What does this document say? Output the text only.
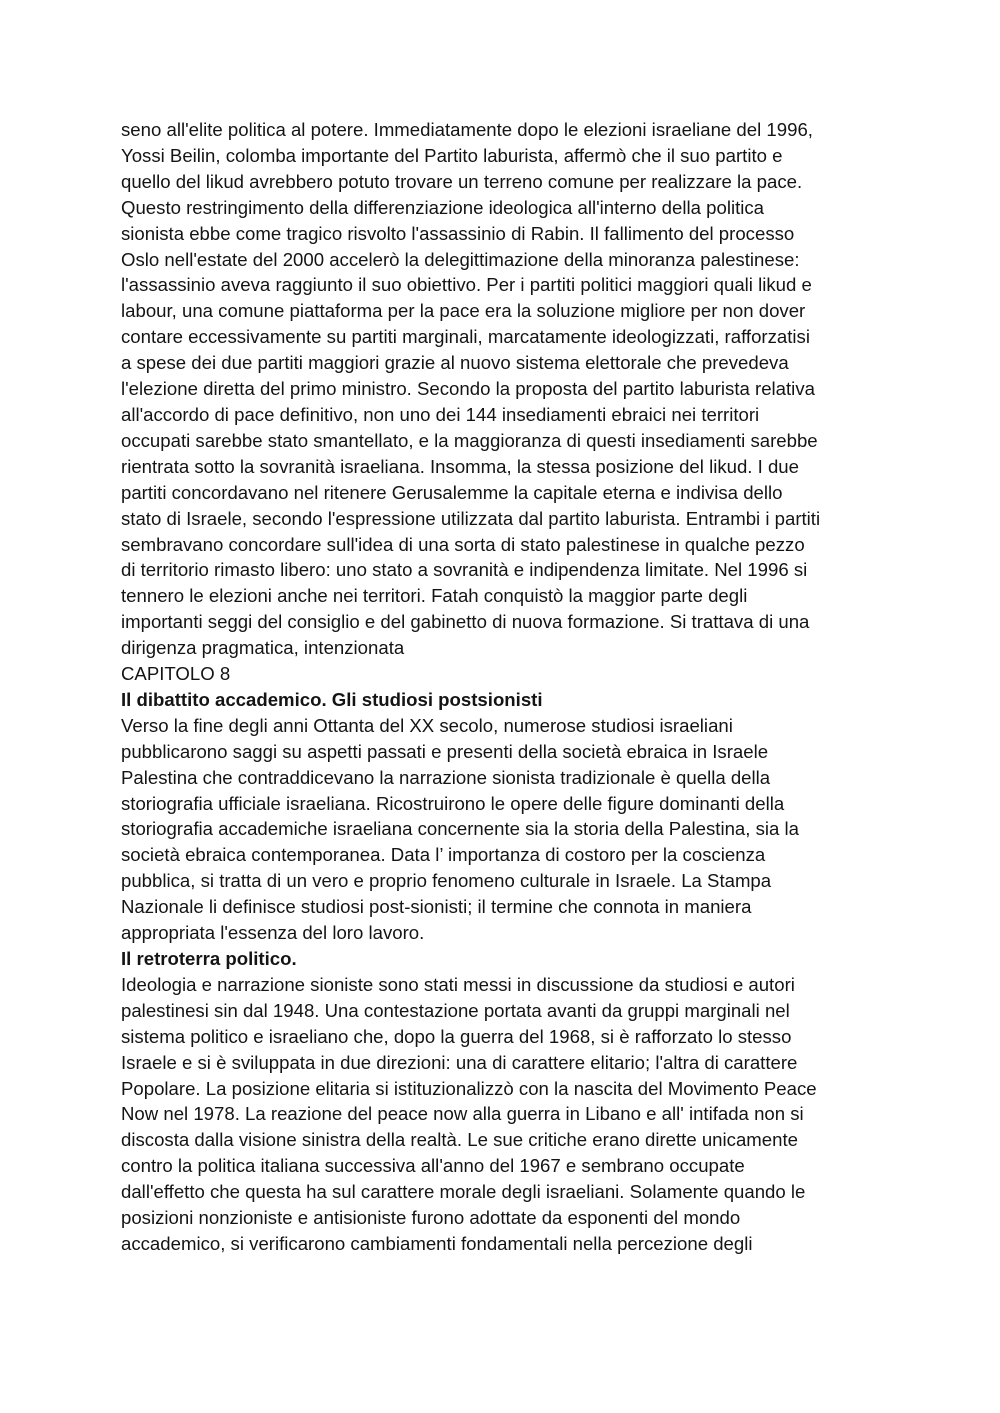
seno all'elite politica al potere. Immediatamente dopo le elezioni israeliane del 1996,
Yossi Beilin, colomba importante del Partito laburista, affermò che il suo partito e
quello del likud avrebbero potuto trovare un terreno comune per realizzare la pace.
Questo restringimento della differenziazione ideologica all'interno della politica
sionista ebbe come tragico risvolto l'assassinio di Rabin. Il fallimento del processo
Oslo nell'estate del 2000 accelerò la delegittimazione della minoranza palestinese:
l'assassinio aveva raggiunto il suo obiettivo. Per i partiti politici maggiori quali likud e
labour, una comune piattaforma per la pace era la soluzione migliore per non dover
contare eccessivamente su partiti marginali, marcatamente ideologizzati, rafforzatisi
a spese dei due partiti maggiori grazie al nuovo sistema elettorale che prevedeva
l'elezione diretta del primo ministro. Secondo la proposta del partito laburista relativa
all'accordo di pace definitivo, non uno dei 144 insediamenti ebraici nei territori
occupati sarebbe stato smantellato, e la maggioranza di questi insediamenti sarebbe
rientrata sotto la sovranità israeliana. Insomma, la stessa posizione del likud. I due
partiti concordavano nel ritenere Gerusalemme la capitale eterna e indivisa dello
stato di Israele, secondo l'espressione utilizzata dal partito laburista. Entrambi i partiti
sembravano concordare sull'idea di una sorta di stato palestinese in qualche pezzo
di territorio rimasto libero: uno stato a sovranità e indipendenza limitate. Nel 1996 si
tennero le elezioni anche nei territori. Fatah conquistò la maggior parte degli
importanti seggi del consiglio e del gabinetto di nuova formazione. Si trattava di una
dirigenza pragmatica, intenzionata
CAPITOLO 8
Il dibattito accademico. Gli studiosi postsionisti
Verso la fine degli anni Ottanta del XX secolo, numerose studiosi israeliani
pubblicarono saggi su aspetti passati e presenti della società ebraica in Israele
Palestina che contraddicevano la narrazione sionista tradizionale è quella della
storiografia ufficiale israeliana. Ricostruirono le opere delle figure dominanti della
storiografia accademiche israeliana concernente sia la storia della Palestina, sia la
società ebraica contemporanea. Data l’ importanza di costoro per la coscienza
pubblica, si tratta di un vero e proprio fenomeno culturale in Israele. La Stampa
Nazionale li definisce studiosi post-sionisti; il termine che connota in maniera
appropriata l'essenza del loro lavoro.
Il retroterra politico.
Ideologia e narrazione sioniste sono stati messi in discussione da studiosi e autori
palestinesi sin dal 1948. Una contestazione portata avanti da gruppi marginali nel
sistema politico e israeliano che, dopo la guerra del 1968, si è rafforzato lo stesso
Israele e si è sviluppata in due direzioni: una di carattere elitario; l'altra di carattere
Popolare. La posizione elitaria si istituzionalizzò con la nascita del Movimento Peace
Now nel 1978. La reazione del peace now alla guerra in Libano e all' intifada non si
discosta dalla visione sinistra della realtà. Le sue critiche erano dirette unicamente
contro la politica italiana successiva all'anno del 1967 e sembrano occupate
dall'effetto che questa ha sul carattere morale degli israeliani. Solamente quando le
posizioni nonzioniste e antisioniste furono adottate da esponenti del mondo
accademico, si verificarono cambiamenti fondamentali nella percezione degli
